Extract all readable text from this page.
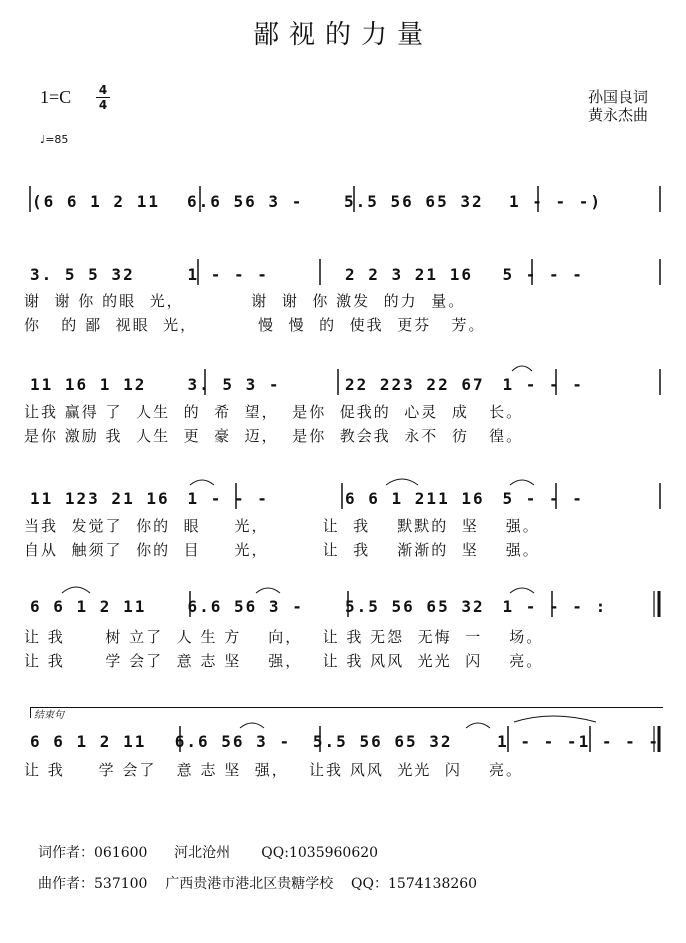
鄙视的力量
1=C 4
4
♩=85
孙国良词
黄永杰曲
(6 6 1 2 11	6.6 56 3 -	5.5 56 65 32	1 - - -)
3. 5 5 32	1 - - -	2 2 3 21 16	5 - - -
谢  谢 你 的眼  光，          谢  谢  你 激发  的力  量。
你   的 鄙  视眼  光，         慢  慢  的  使我  更芬   芳。
11 16 1 12	3. 5 3 -	22 223 22 67	1 - - -
让我 赢得 了  人生  的  希  望，  是你  促我的  心灵  成   长。
是你 激励 我  人生  更  豪  迈，  是你  教会我  永不  彷   徨。
11 123 21 16	1 - - -	6 6 1 211 16	5 - - -
当我  发觉了  你的  眼     光，        让  我    默默的  坚    强。
自从  触须了  你的  目     光，        让  我    渐渐的  坚    强。
6 6 1 2 11	6.6 56 3 -	5.5 56 65 32	1 - - - :
让 我      树 立了  人 生 方    向，   让 我 无怨  无悔  一    场。
让 我      学 会了  意 志 坚    强，   让 我 风风  光光  闪    亮。
结束句
6 6 1 2 11	6.6 56 3 -	5.5 56 65 32	1 - - - 1 - - -
让 我     学 会了   意 志 坚  强，   让我 风风  光光  闪    亮。
词作者：061600      河北沧州       QQ:1035960620
曲作者：537100    广西贵港市港北区贵糖学校    QQ：1574138260
